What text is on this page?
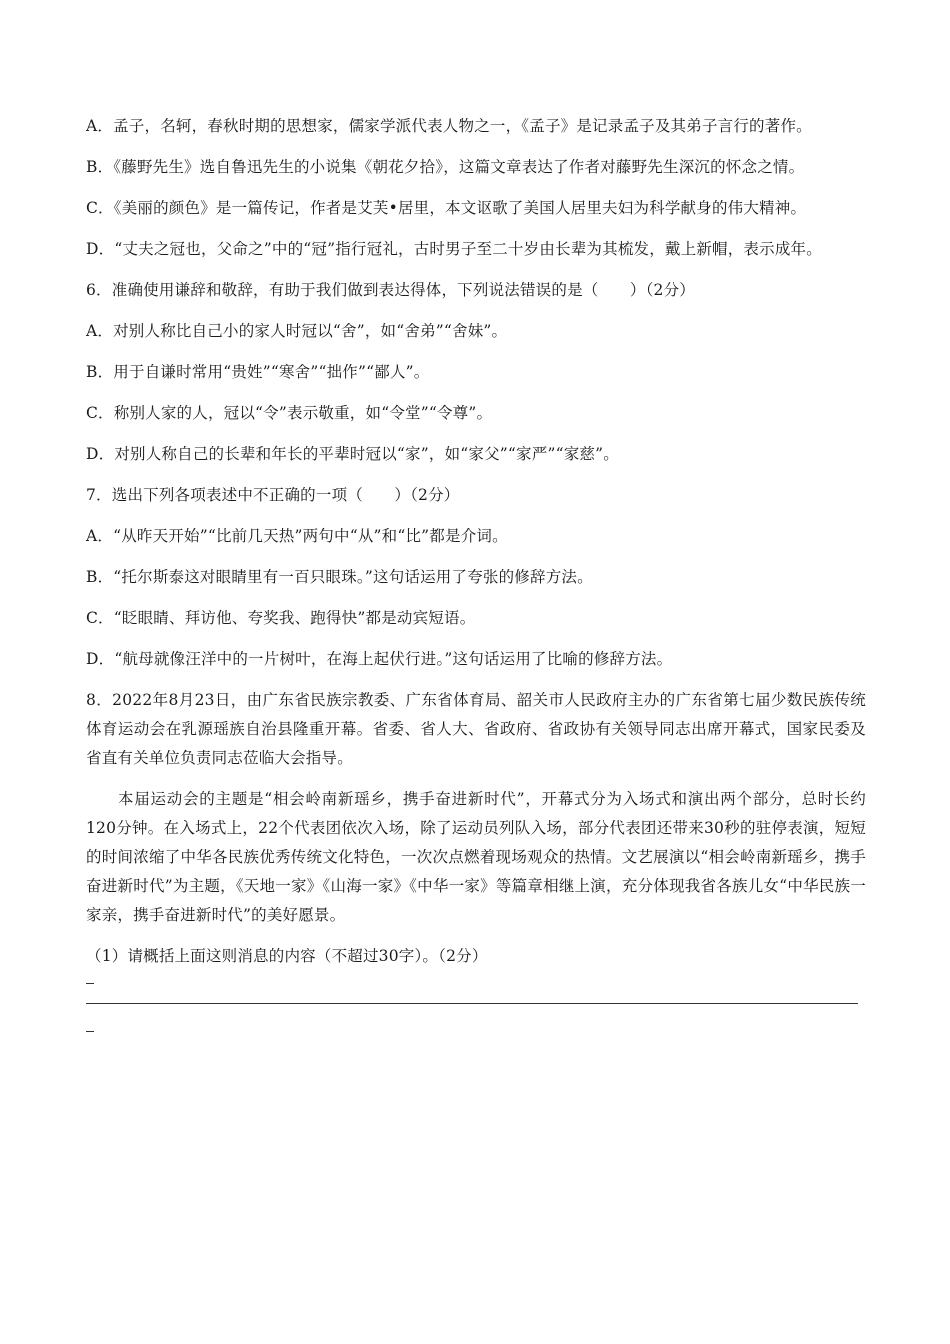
A．孟子，名轲，春秋时期的思想家，儒家学派代表人物之一，《孟子》是记录孟子及其弟子言行的著作。

B．《藤野先生》选自鲁迅先生的小说集《朝花夕拾》，这篇文章表达了作者对藤野先生深沉的怀念之情。

C．《美丽的颜色》是一篇传记，作者是艾芙•居里，本文讴歌了美国人居里夫妇为科学献身的伟大精神。

D．“丈夫之冠也，父命之”中的“冠”指行冠礼，古时男子至二十岁由长辈为其梳发，戴上新帽，表示成年。

6．准确使用谦辞和敬辞，有助于我们做到表达得体，下列说法错误的是（　　）（2分）

A．对别人称比自己小的家人时冠以“舍”，如“舍弟”“舍妹”。

B．用于自谦时常用“贵姓”“寒舍”“拙作”“鄙人”。

C．称别人家的人，冠以“令”表示敬重，如“令堂”“令尊”。

D．对别人称自己的长辈和年长的平辈时冠以“家”，如“家父”“家严”“家慈”。

7．选出下列各项表述中不正确的一项（　　）（2分）

A．“从昨天开始”“比前几天热”两句中“从”和“比”都是介词。

B．“托尔斯泰这对眼睛里有一百只眼珠。”这句话运用了夸张的修辞方法。

C．“眨眼睛、拜访他、夸奖我、跑得快”都是动宾短语。

D．“航母就像汪洋中的一片树叶，在海上起伏行进。”这句话运用了比喻的修辞方法。

8．2022年8月23日，由广东省民族宗教委、广东省体育局、韶关市人民政府主办的广东省第七届少数民族传统体育运动会在乳源瑶族自治县隆重开幕。省委、省人大、省政府、省政协有关领导同志出席开幕式，国家民委及省直有关单位负责同志莅临大会指导。

本届运动会的主题是“相会岭南新瑶乡，携手奋进新时代”，开幕式分为入场式和演出两个部分，总时长约120分钟。在入场式上，22个代表团依次入场，除了运动员列队入场，部分代表团还带来30秒的驻停表演，短短的时间浓缩了中华各民族优秀传统文化特色，一次次点燃着现场观众的热情。文艺展演以“相会岭南新瑶乡，携手奋进新时代”为主题，《天地一家》《山海一家》《中华一家》等篇章相继上演，充分体现我省各族儿女“中华民族一家亲，携手奋进新时代”的美好愿景。

（1）请概括上面这则消息的内容（不超过30字）。（2分）
